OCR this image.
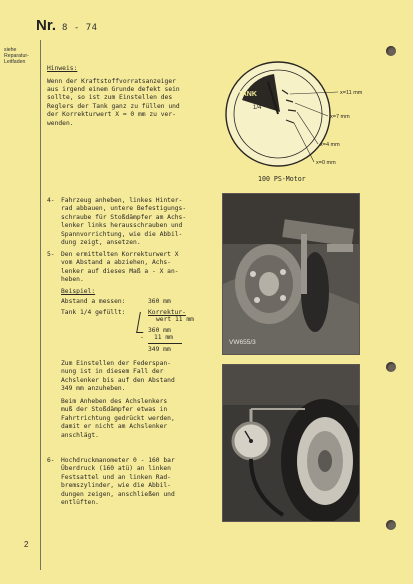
Nr. 8 - 74
siehe Reparatur-Leitfaden
Hinweis:
Wenn der Kraftstoffvorratsanzeiger
aus irgend einem Grunde defekt sein
sollte, so ist zum Einstellen des
Reglers der Tank ganz zu füllen und
der Korrekturwert X = 0 mm zu ver-
wenden.
TANK
1/4
x=11 mm
x=7 mm
x=4 mm
x=0 mm
100 PS-Motor
4- Fahrzeug anheben, linkes Hinter-
rad abbauen, untere Befestigungs-
schraube für Stoßdämpfer am Achs-
lenker links herausschrauben und
Spannvorrichtung, wie die Abbil-
dung zeigt, ansetzen.
5- Den ermittelten Korrekturwert X
vom Abstand a abziehen, Achs-
lenker auf dieses Maß a - X an-
heben.
Beispiel:
Abstand a messen:	360 mm
Tank 1/4 gefüllt:	Korrektur-
wert 11 mm
360 mm
- 11 mm
349 mm
Zum Einstellen der Federspan-
nung ist in diesem Fall der
Achslenker bis auf den Abstand
349 mm anzuheben.
Beim Anheben des Achslenkers
muß der Stoßdämpfer etwas in
Fahrtrichtung gedrückt werden,
damit er nicht am Achslenker
anschlägt.
6- Hochdruckmanometer 0 - 160 bar
Überdruck (160 atü) an linken
Festsattel und an linken Rad-
bremszylinder, wie die Abbil-
dungen zeigen, anschließen und
entlüften.
VW655/3
2
